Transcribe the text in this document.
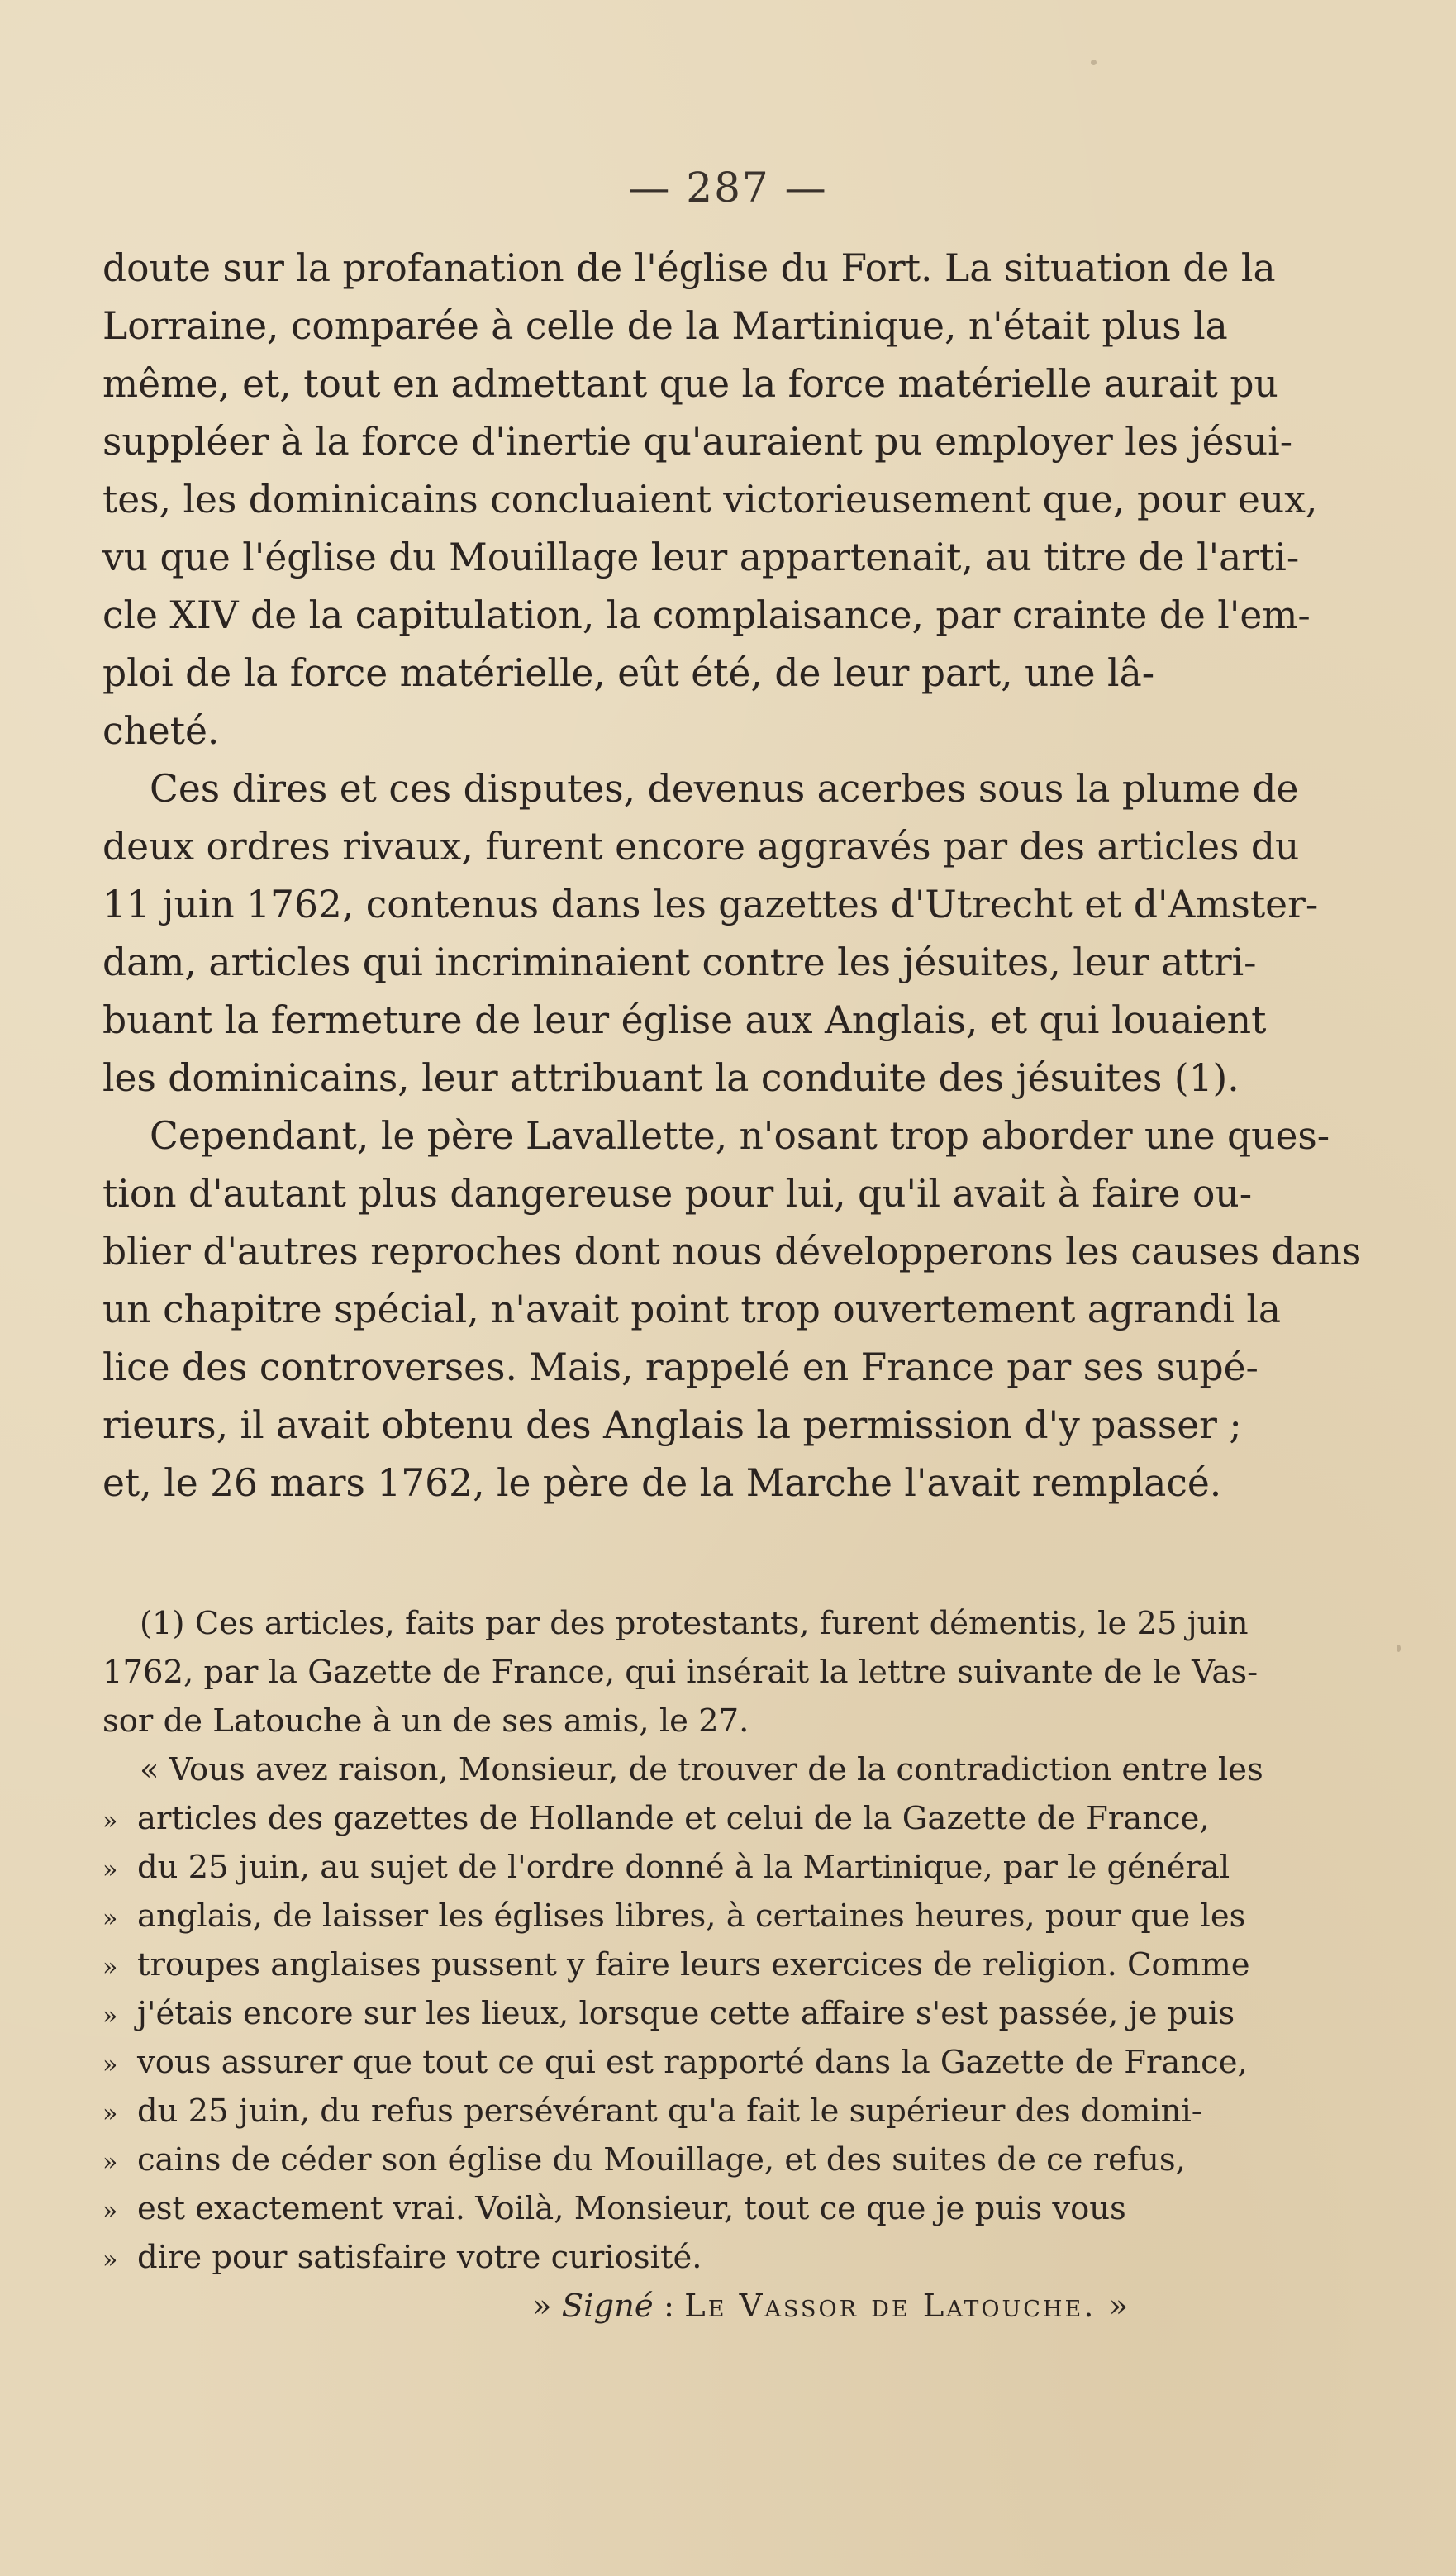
— 287 —
doute sur la profanation de l'église du Fort. La situation de la
Lorraine, comparée à celle de la Martinique, n'était plus la
même, et, tout en admettant que la force matérielle aurait pu
suppléer à la force d'inertie qu'auraient pu employer les jésui-
tes, les dominicains concluaient victorieusement que, pour eux,
vu que l'église du Mouillage leur appartenait, au titre de l'arti-
cle XIV de la capitulation, la complaisance, par crainte de l'em-
ploi de la force matérielle, eût été, de leur part, une lâ-
cheté.
Ces dires et ces disputes, devenus acerbes sous la plume de
deux ordres rivaux, furent encore aggravés par des articles du
11 juin 1762, contenus dans les gazettes d'Utrecht et d'Amster-
dam, articles qui incriminaient contre les jésuites, leur attri-
buant la fermeture de leur église aux Anglais, et qui louaient
les dominicains, leur attribuant la conduite des jésuites (1).
Cependant, le père Lavallette, n'osant trop aborder une ques-
tion d'autant plus dangereuse pour lui, qu'il avait à faire ou-
blier d'autres reproches dont nous développerons les causes dans
un chapitre spécial, n'avait point trop ouvertement agrandi la
lice des controverses. Mais, rappelé en France par ses supé-
rieurs, il avait obtenu des Anglais la permission d'y passer ;
et, le 26 mars 1762, le père de la Marche l'avait remplacé.
(1) Ces articles, faits par des protestants, furent démentis, le 25 juin
1762, par la Gazette de France, qui insérait la lettre suivante de le Vas-
sor de Latouche à un de ses amis, le 27.
« Vous avez raison, Monsieur, de trouver de la contradiction entre les
» articles des gazettes de Hollande et celui de la Gazette de France,
» du 25 juin, au sujet de l'ordre donné à la Martinique, par le général
» anglais, de laisser les églises libres, à certaines heures, pour que les
» troupes anglaises pussent y faire leurs exercices de religion. Comme
» j'étais encore sur les lieux, lorsque cette affaire s'est passée, je puis
» vous assurer que tout ce qui est rapporté dans la Gazette de France,
» du 25 juin, du refus persévérant qu'a fait le supérieur des domini-
» cains de céder son église du Mouillage, et des suites de ce refus,
» est exactement vrai. Voilà, Monsieur, tout ce que je puis vous
» dire pour satisfaire votre curiosité.
» Signé : Le Vassor de Latouche. »
